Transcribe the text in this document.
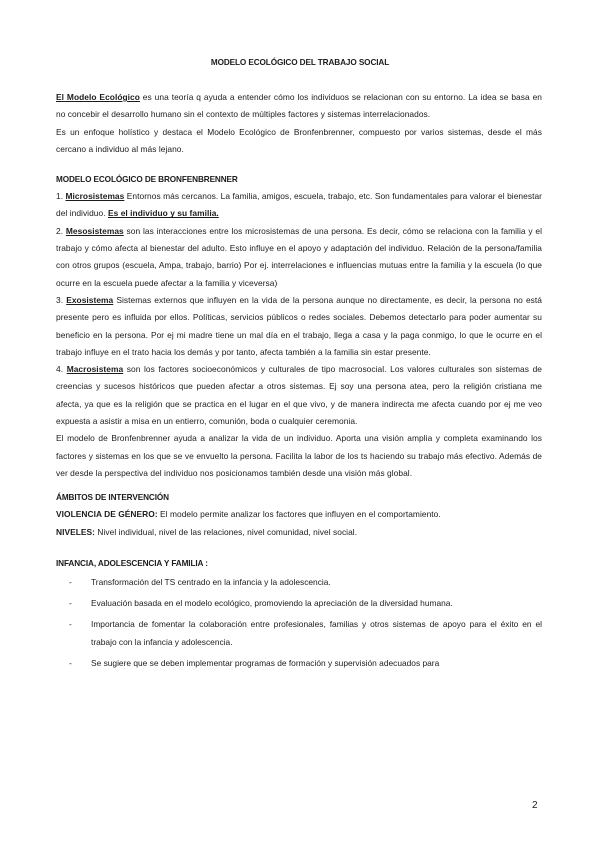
MODELO ECOLÓGICO DEL TRABAJO SOCIAL

El Modelo Ecológico es una teoría q ayuda a entender cómo los individuos se relacionan con su entorno. La idea se basa en no concebir el desarrollo humano sin el contexto de múltiples factores y sistemas interrelacionados.

Es un enfoque holístico y destaca el Modelo Ecológico de Bronfenbrenner, compuesto por varios sistemas, desde el más cercano a individuo al más lejano.

MODELO ECOLÓGICO DE BRONFENBRENNER

1. Microsistemas Entornos más cercanos. La familia, amigos, escuela, trabajo, etc. Son fundamentales para valorar el bienestar del individuo. Es el individuo y su familia.

2. Mesosistemas son las interacciones entre los microsistemas de una persona. Es decir, cómo se relaciona con la familia y el trabajo y cómo afecta al bienestar del adulto. Esto influye en el apoyo y adaptación del individuo. Relación de la persona/familia con otros grupos (escuela, Ampa, trabajo, barrio) Por ej. interrelaciones e influencias mutuas entre la familia y la escuela (lo que ocurre en la escuela puede afectar a la familia y viceversa)

3. Exosistema Sistemas externos que influyen en la vida de la persona aunque no directamente, es decir, la persona no está presente pero es influida por ellos. Políticas, servicios públicos o redes sociales. Debemos detectarlo para poder aumentar su beneficio en la persona. Por ej mi madre tiene un mal día en el trabajo, llega a casa y la paga conmigo, lo que le ocurre en el trabajo influye en el trato hacia los demás y por tanto, afecta también a la familia sin estar presente.

4. Macrosistema son los factores socioeconómicos y culturales de tipo macrosocial. Los valores culturales son sistemas de creencias y sucesos históricos que pueden afectar a otros sistemas. Ej soy una persona atea, pero la religión cristiana me afecta, ya que es la religión que se practica en el lugar en el que vivo, y de manera indirecta me afecta cuando por ej me veo expuesta a asistir a misa en un entierro, comunión, boda o cualquier ceremonia.

El modelo de Bronfenbrenner ayuda a analizar la vida de un individuo. Aporta una visión amplia y completa examinando los factores y sistemas en los que se ve envuelto la persona. Facilita la labor de los ts haciendo su trabajo más efectivo. Además de ver desde la perspectiva del individuo nos posicionamos también desde una visión más global.

ÁMBITOS DE INTERVENCIÓN

VIOLENCIA DE GÉNERO: El modelo permite analizar los factores que influyen en el comportamiento.

NIVELES: Nivel individual, nivel de las relaciones, nivel comunidad, nivel social.

INFANCIA, ADOLESCENCIA Y FAMILIA :
- Transformación del TS centrado en la infancia y la adolescencia.
- Evaluación basada en el modelo ecológico, promoviendo la apreciación de la diversidad humana.
- Importancia de fomentar la colaboración entre profesionales, familias y otros sistemas de apoyo para el éxito en el trabajo con la infancia y adolescencia.
- Se sugiere que se deben implementar programas de formación y supervisión adecuados para
2
